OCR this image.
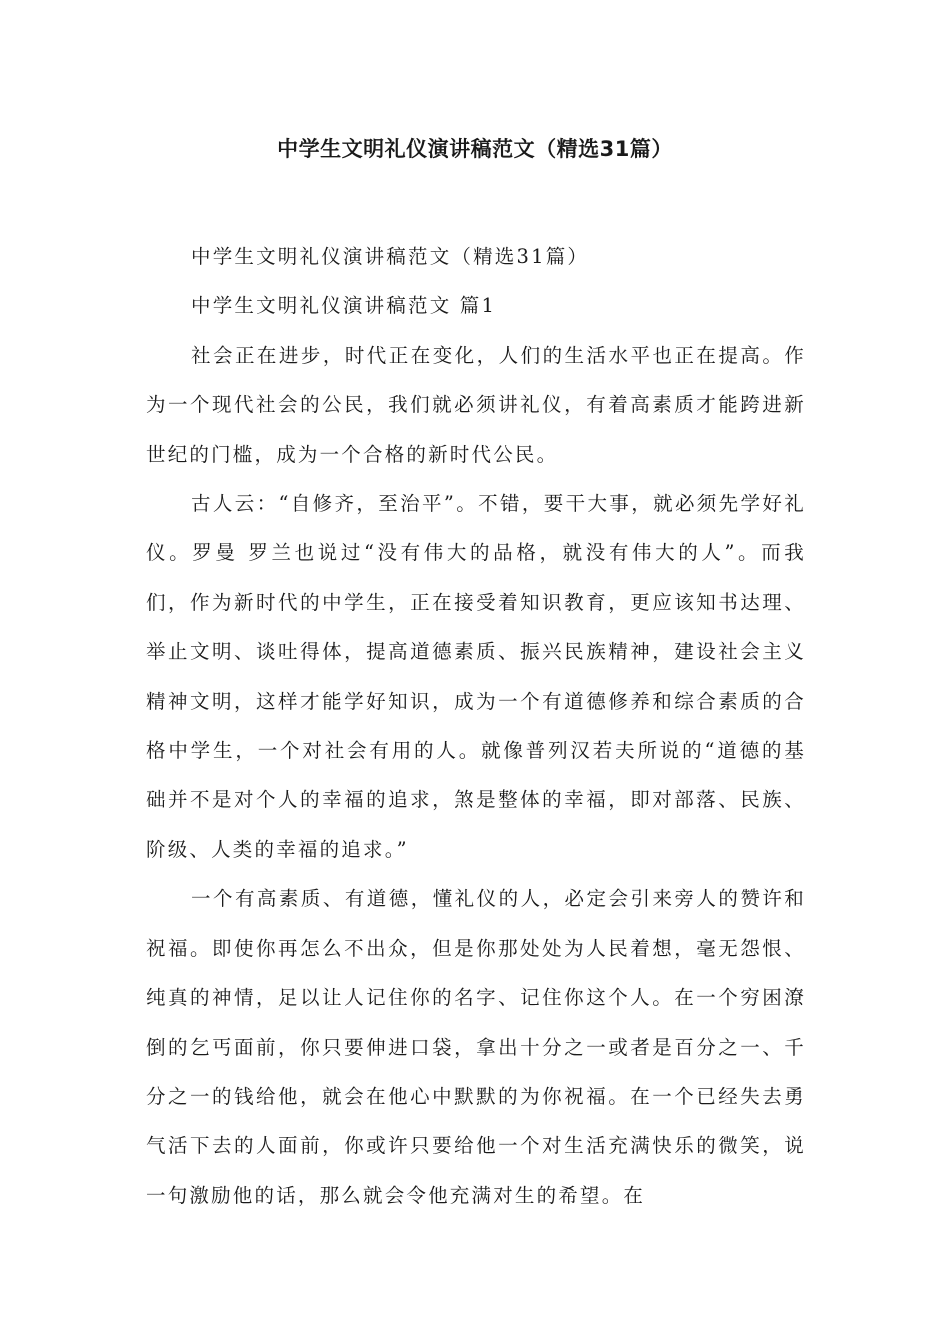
中学生文明礼仪演讲稿范文（精选31篇）

中学生文明礼仪演讲稿范文（精选31篇）

中学生文明礼仪演讲稿范文 篇1

社会正在进步，时代正在变化，人们的生活水平也正在提高。作为一个现代社会的公民，我们就必须讲礼仪，有着高素质才能跨进新世纪的门槛，成为一个合格的新时代公民。

古人云：“自修齐，至治平”。不错，要干大事，就必须先学好礼仪。罗曼 罗兰也说过“没有伟大的品格，就没有伟大的人”。而我们，作为新时代的中学生，正在接受着知识教育，更应该知书达理、举止文明、谈吐得体，提高道德素质、振兴民族精神，建设社会主义精神文明，这样才能学好知识，成为一个有道德修养和综合素质的合格中学生，一个对社会有用的人。就像普列汉若夫所说的“道德的基础并不是对个人的幸福的追求，煞是整体的幸福，即对部落、民族、阶级、人类的幸福的追求。”

一个有高素质、有道德，懂礼仪的人，必定会引来旁人的赞许和祝福。即使你再怎么不出众，但是你那处处为人民着想，毫无怨恨、纯真的神情，足以让人记住你的名字、记住你这个人。在一个穷困潦倒的乞丐面前，你只要伸进口袋，拿出十分之一或者是百分之一、千分之一的钱给他，就会在他心中默默的为你祝福。在一个已经失去勇气活下去的人面前，你或许只要给他一个对生活充满快乐的微笑，说一句激励他的话，那么就会令他充满对生的希望。在
